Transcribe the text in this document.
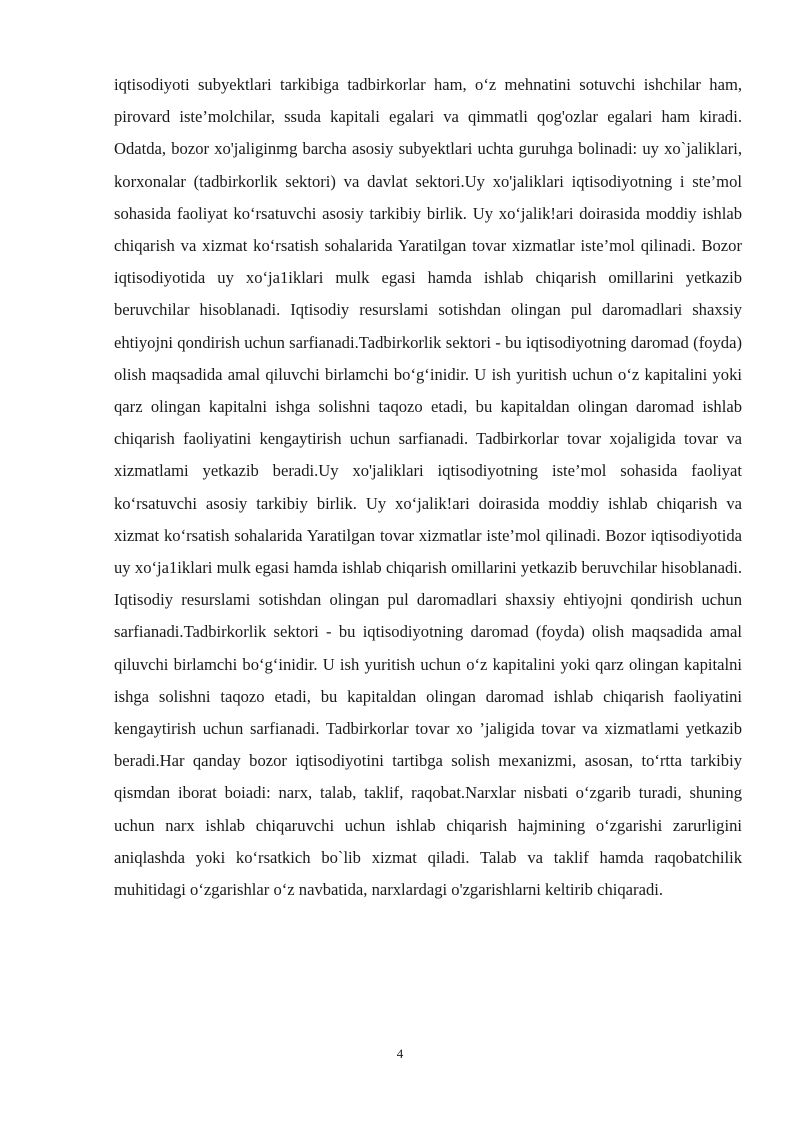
iqtisodiyoti subyektlari tarkibiga tadbirkorlar ham, o‘z mehnatini sotuvchi ishchilar ham, pirovard iste’molchilar, ssuda kapitali egalari va qimmatli qog'ozlar egalari ham kiradi. Odatda, bozor xo'jaliginmg barcha asosiy subyektlari uchta guruhga bolinadi: uy xo`jaliklari, korxonalar (tadbirkorlik sektori) va davlat sektori.Uy xo'jaliklari iqtisodiyotning i ste’mol sohasida faoliyat ko‘rsatuvchi asosiy tarkibiy birlik. Uy xo‘jalik!ari doirasida moddiy ishlab chiqarish va xizmat ko‘rsatish sohalarida Yaratilgan tovar xizmatlar iste’mol qilinadi. Bozor iqtisodiyotida uy xo‘ja1iklari mulk egasi hamda ishlab chiqarish omillarini yetkazib beruvchilar hisoblanadi. Iqtisodiy resurslami sotishdan olingan pul daromadlari shaxsiy ehtiyojni qondirish uchun sarfianadi.Tadbirkorlik sektori - bu iqtisodiyotning daromad (foyda) olish maqsadida amal qiluvchi birlamchi bo‘g‘inidir. U ish yuritish uchun o‘z kapitalini yoki qarz olingan kapitalni ishga solishni taqozo etadi, bu kapitaldan olingan daromad ishlab chiqarish faoliyatini kengaytirish uchun sarfianadi. Tadbirkorlar tovar xojaligida tovar va xizmatlami yetkazib beradi.Uy xo'jaliklari iqtisodiyotning iste’mol sohasida faoliyat ko‘rsatuvchi asosiy tarkibiy birlik. Uy xo‘jalik!ari doirasida moddiy ishlab chiqarish va xizmat ko‘rsatish sohalarida Yaratilgan tovar xizmatlar iste’mol qilinadi. Bozor iqtisodiyotida uy xo‘ja1iklari mulk egasi hamda ishlab chiqarish omillarini yetkazib beruvchilar hisoblanadi. Iqtisodiy resurslami sotishdan olingan pul daromadlari shaxsiy ehtiyojni qondirish uchun sarfianadi.Tadbirkorlik sektori - bu iqtisodiyotning daromad (foyda) olish maqsadida amal qiluvchi birlamchi bo‘g‘inidir. U ish yuritish uchun o‘z kapitalini yoki qarz olingan kapitalni ishga solishni taqozo etadi, bu kapitaldan olingan daromad ishlab chiqarish faoliyatini kengaytirish uchun sarfianadi. Tadbirkorlar tovar xo ’jaligida tovar va xizmatlami yetkazib beradi.Har qanday bozor iqtisodiyotini tartibga solish mexanizmi, asosan, to‘rtta tarkibiy qismdan iborat boiadi: narx, talab, taklif, raqobat.Narxlar nisbati o‘zgarib turadi, shuning uchun narx ishlab chiqaruvchi uchun ishlab chiqarish hajmining o‘zgarishi zarurligini aniqlashda yoki ko‘rsatkich bo`lib xizmat qiladi. Talab va taklif hamda raqobatchilik muhitidagi o‘zgarishlar o‘z navbatida, narxlardagi o'zgarishlarni keltirib chiqaradi.

4
